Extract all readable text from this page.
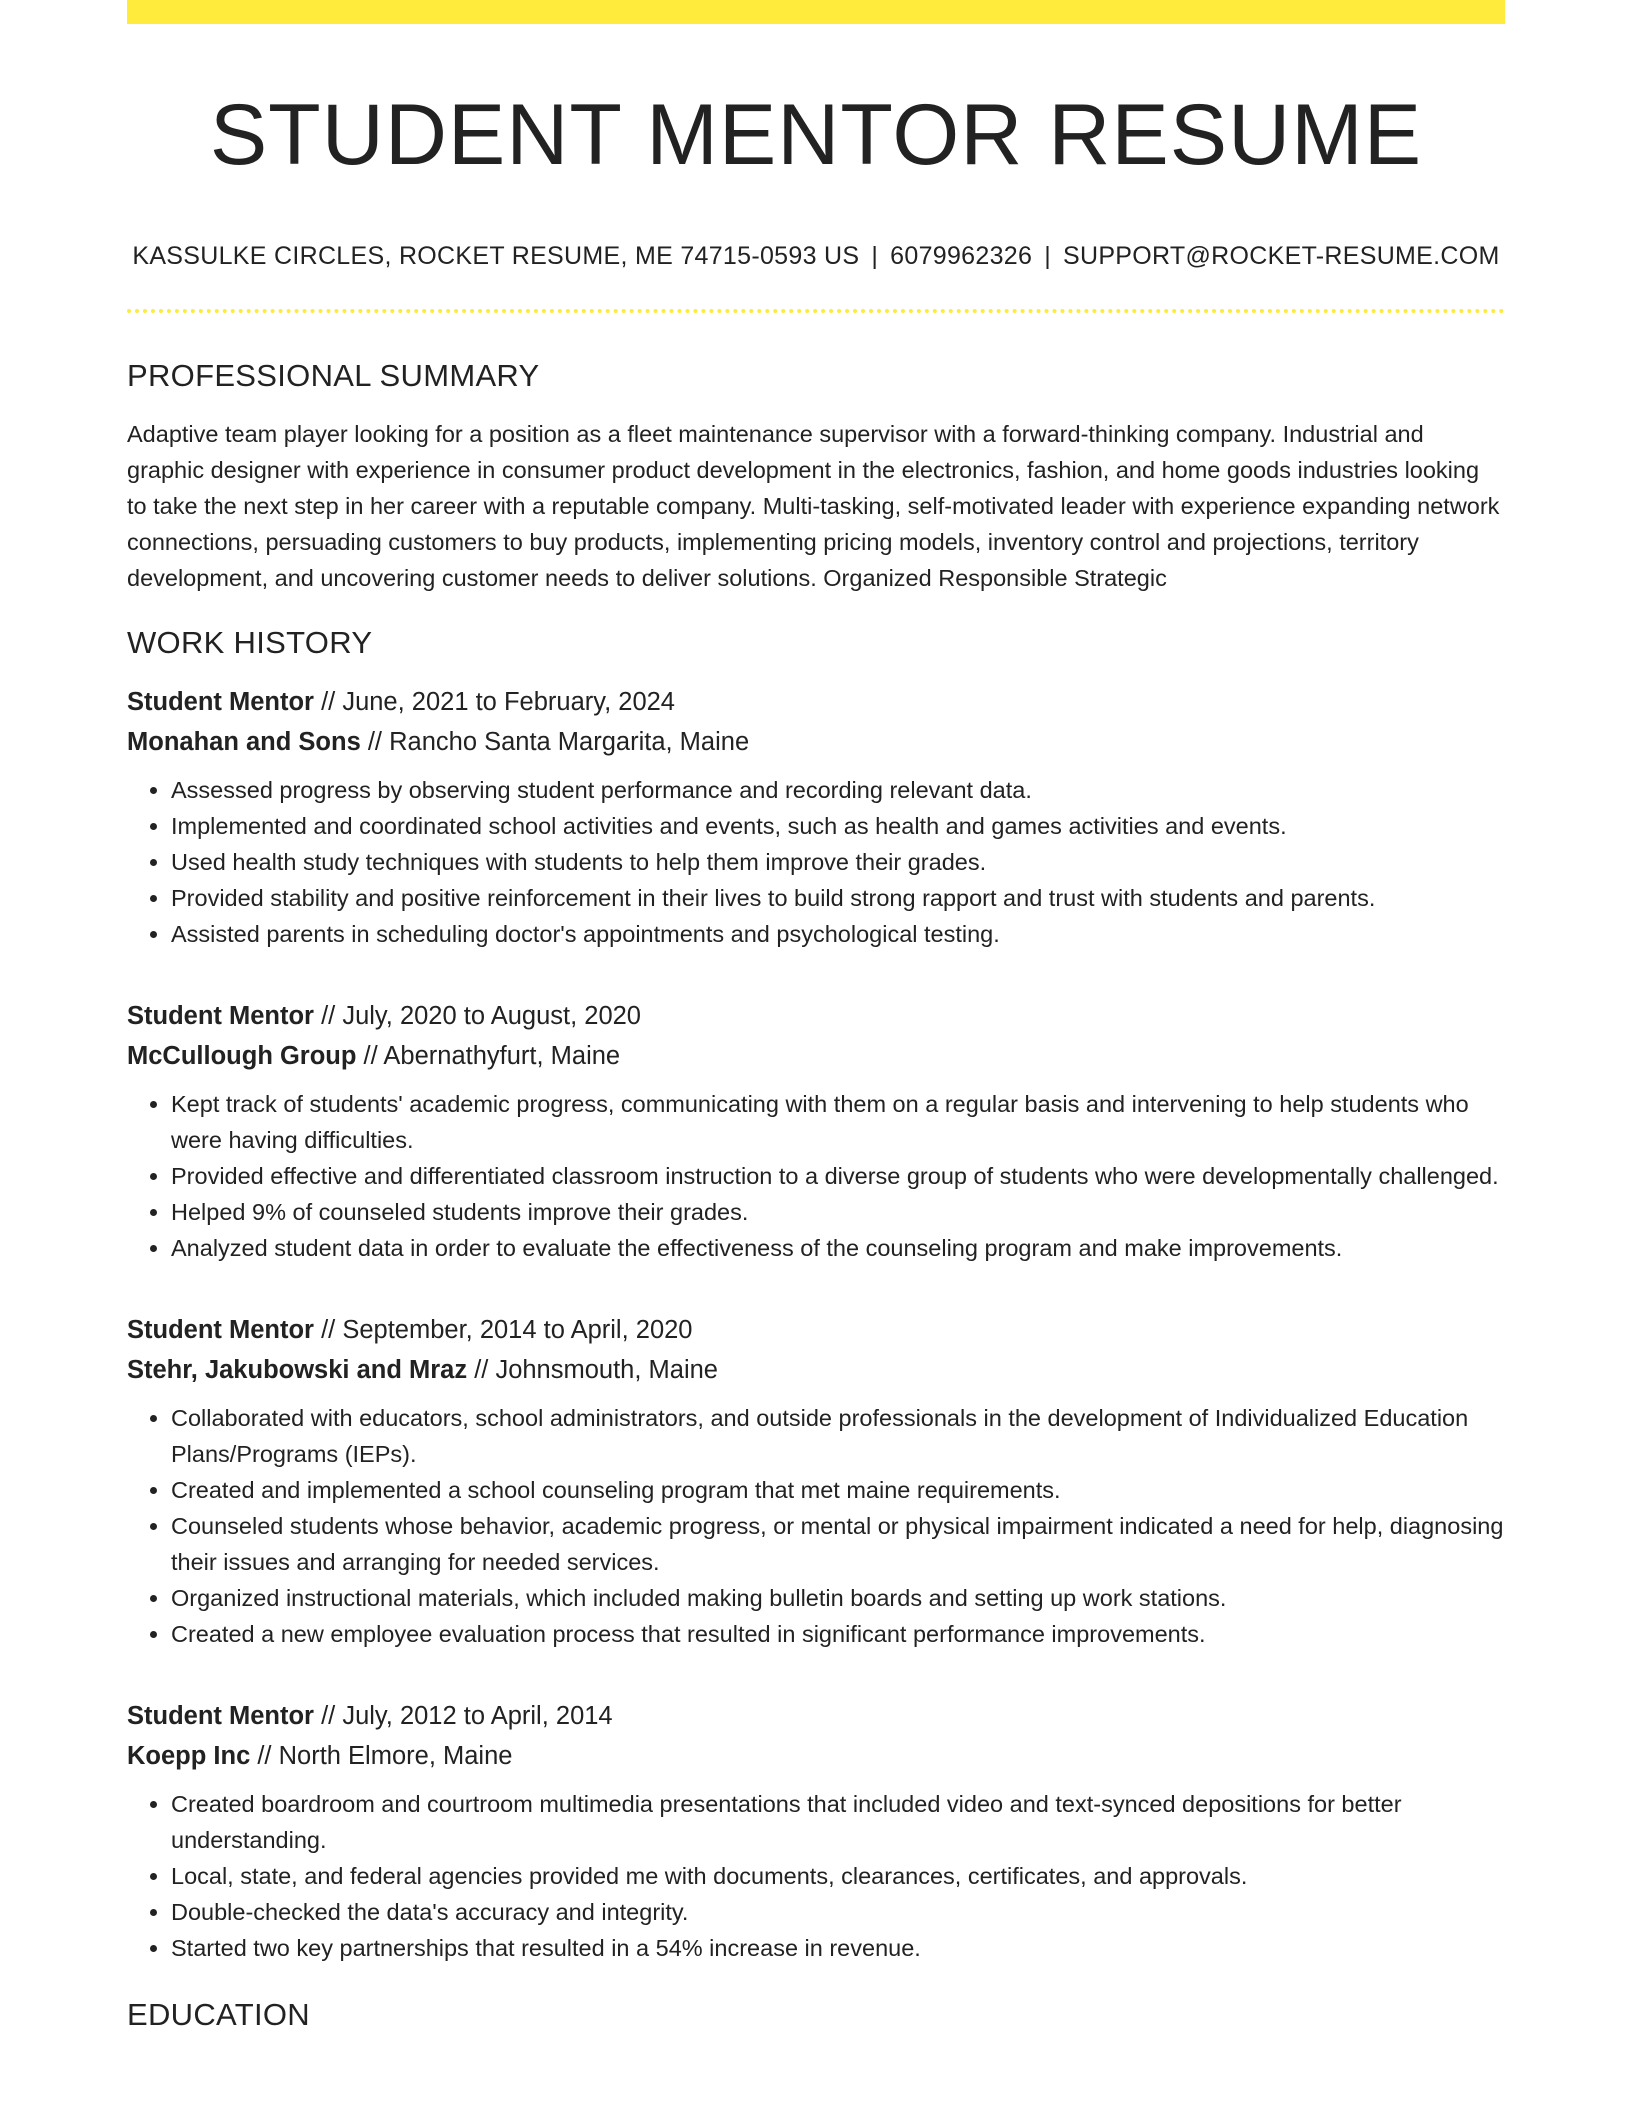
STUDENT MENTOR RESUME
KASSULKE CIRCLES, ROCKET RESUME, ME 74715-0593 US | 6079962326 | SUPPORT@ROCKET-RESUME.COM
PROFESSIONAL SUMMARY
Adaptive team player looking for a position as a fleet maintenance supervisor with a forward-thinking company. Industrial and graphic designer with experience in consumer product development in the electronics, fashion, and home goods industries looking to take the next step in her career with a reputable company. Multi-tasking, self-motivated leader with experience expanding network connections, persuading customers to buy products, implementing pricing models, inventory control and projections, territory development, and uncovering customer needs to deliver solutions. Organized Responsible Strategic
WORK HISTORY
Student Mentor // June, 2021 to February, 2024
Monahan and Sons // Rancho Santa Margarita, Maine
• Assessed progress by observing student performance and recording relevant data.
• Implemented and coordinated school activities and events, such as health and games activities and events.
• Used health study techniques with students to help them improve their grades.
• Provided stability and positive reinforcement in their lives to build strong rapport and trust with students and parents.
• Assisted parents in scheduling doctor's appointments and psychological testing.
Student Mentor // July, 2020 to August, 2020
McCullough Group // Abernathyfurt, Maine
• Kept track of students' academic progress, communicating with them on a regular basis and intervening to help students who were having difficulties.
• Provided effective and differentiated classroom instruction to a diverse group of students who were developmentally challenged.
• Helped 9% of counseled students improve their grades.
• Analyzed student data in order to evaluate the effectiveness of the counseling program and make improvements.
Student Mentor // September, 2014 to April, 2020
Stehr, Jakubowski and Mraz // Johnsmouth, Maine
• Collaborated with educators, school administrators, and outside professionals in the development of Individualized Education Plans/Programs (IEPs).
• Created and implemented a school counseling program that met maine requirements.
• Counseled students whose behavior, academic progress, or mental or physical impairment indicated a need for help, diagnosing their issues and arranging for needed services.
• Organized instructional materials, which included making bulletin boards and setting up work stations.
• Created a new employee evaluation process that resulted in significant performance improvements.
Student Mentor // July, 2012 to April, 2014
Koepp Inc // North Elmore, Maine
• Created boardroom and courtroom multimedia presentations that included video and text-synced depositions for better understanding.
• Local, state, and federal agencies provided me with documents, clearances, certificates, and approvals.
• Double-checked the data's accuracy and integrity.
• Started two key partnerships that resulted in a 54% increase in revenue.
EDUCATION
